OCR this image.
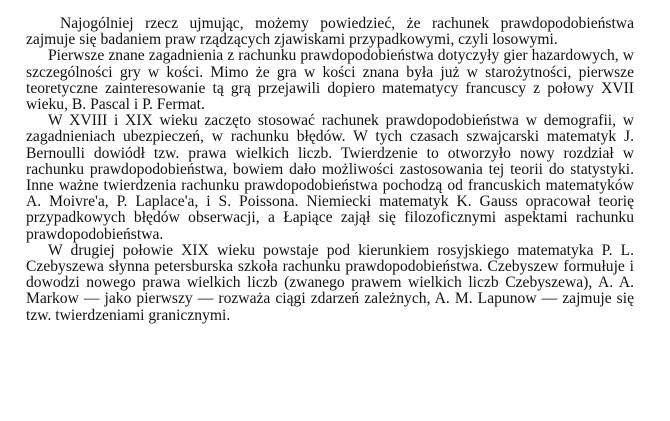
Najogólniej rzecz ujmując, możemy powiedzieć, że rachunek prawdopodobieństwa zajmuje się badaniem praw rządzących zjawiskami przypadkowymi, czyli losowymi.

Pierwsze znane zagadnienia z rachunku prawdopodobieństwa dotyczyły gier hazardowych, w szczególności gry w kości. Mimo że gra w kości znana była już w starożytności, pierwsze teoretyczne zainteresowanie tą grą przejawili dopiero matematycy francuscy z połowy XVII wieku, B. Pascal i P. Fermat.

W XVIII i XIX wieku zaczęto stosować rachunek prawdopodobieństwa w demografii, w zagadnieniach ubezpieczeń, w rachunku błędów. W tych czasach szwajcarski matematyk J. Bernoulli dowiódł tzw. prawa wielkich liczb. Twierdzenie to otworzyło nowy rozdział w rachunku prawdopodobieństwa, bowiem dało możliwości zastosowania tej teorii do statystyki. Inne ważne twierdzenia rachunku prawdopodobieństwa pochodzą od francuskich matematyków A. Moivre'a, P. Laplace'a, i S. Poissona. Niemiecki matematyk K. Gauss opracował teorię przypadkowych błędów obserwacji, a Łapiące zajął się filozoficznymi aspektami rachunku prawdopodobieństwa.

W drugiej połowie XIX wieku powstaje pod kierunkiem rosyjskiego matematyka P. L. Czebyszewa słynna petersburska szkoła rachunku prawdopodobieństwa. Czebyszew formułuje i dowodzi nowego prawa wielkich liczb (zwanego prawem wielkich liczb Czebyszewa), A. A. Markow — jako pierwszy — rozważa ciągi zdarzeń zależnych, A. M. Lapunow — zajmuje się tzw. twierdzeniami granicznymi.
